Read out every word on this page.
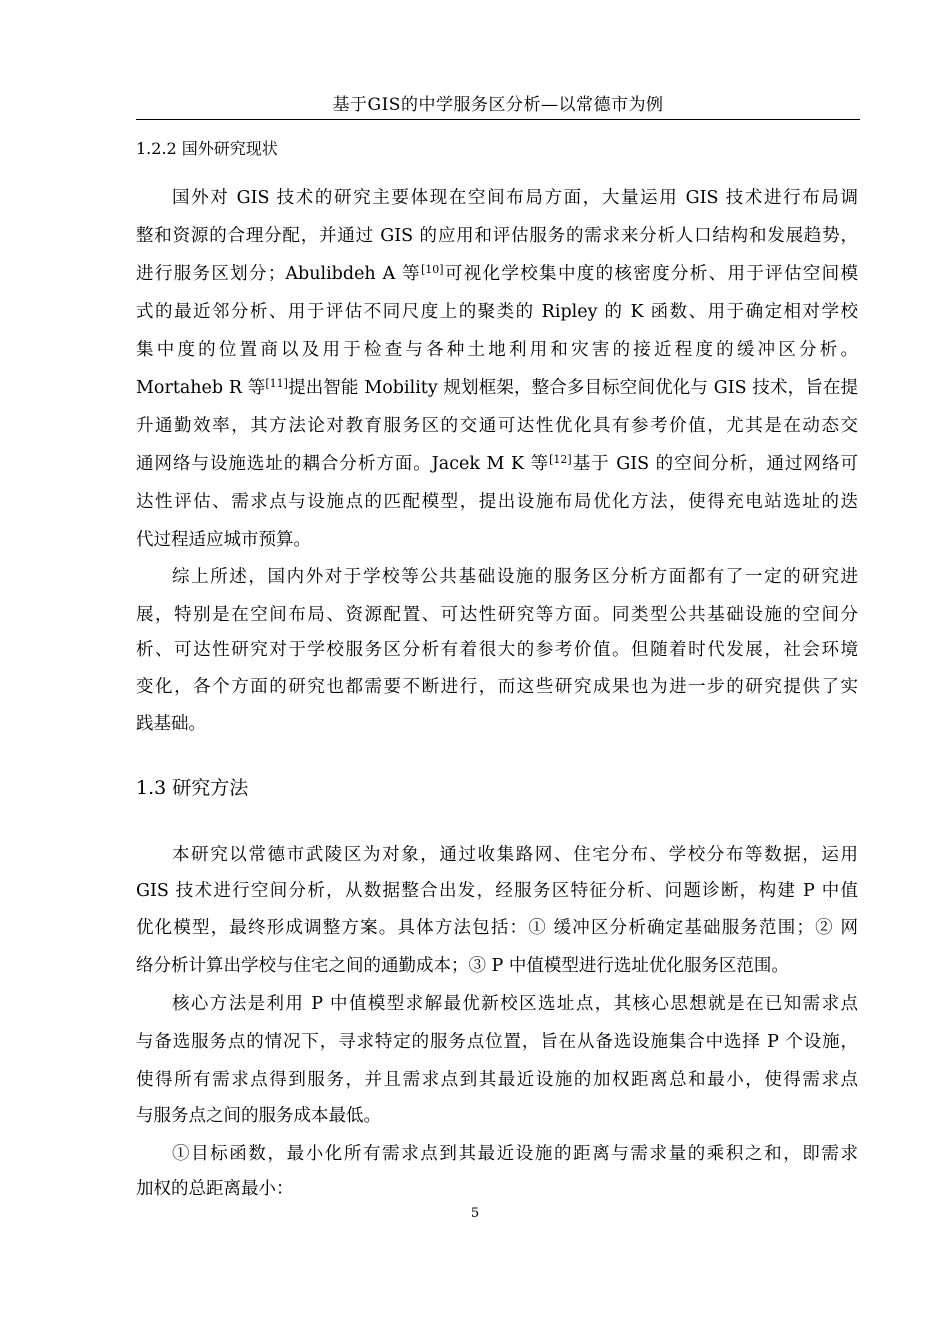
基于GIS的中学服务区分析—以常德市为例
1.2.2 国外研究现状
国外对 GIS 技术的研究主要体现在空间布局方面，大量运用 GIS 技术进行布局调
整和资源的合理分配，并通过 GIS 的应用和评估服务的需求来分析人口结构和发展趋势，
进行服务区划分；Abulibdeh A 等[10]可视化学校集中度的核密度分析、用于评估空间模
式的最近邻分析、用于评估不同尺度上的聚类的 Ripley 的 K 函数、用于确定相对学校
集中度的位置商以及用于检查与各种土地利用和灾害的接近程度的缓冲区分析。
Mortaheb R 等[11]提出智能 Mobility 规划框架，整合多目标空间优化与 GIS 技术，旨在提
升通勤效率，其方法论对教育服务区的交通可达性优化具有参考价值，尤其是在动态交
通网络与设施选址的耦合分析方面。Jacek M K 等[12]基于 GIS 的空间分析，通过网络可
达性评估、需求点与设施点的匹配模型，提出设施布局优化方法，使得充电站选址的迭
代过程适应城市预算。
综上所述，国内外对于学校等公共基础设施的服务区分析方面都有了一定的研究进
展，特别是在空间布局、资源配置、可达性研究等方面。同类型公共基础设施的空间分
析、可达性研究对于学校服务区分析有着很大的参考价值。但随着时代发展，社会环境
变化，各个方面的研究也都需要不断进行，而这些研究成果也为进一步的研究提供了实
践基础。
1.3 研究方法
本研究以常德市武陵区为对象，通过收集路网、住宅分布、学校分布等数据，运用
GIS 技术进行空间分析，从数据整合出发，经服务区特征分析、问题诊断，构建 P 中值
优化模型，最终形成调整方案。具体方法包括：① 缓冲区分析确定基础服务范围；② 网
络分析计算出学校与住宅之间的通勤成本；③ P 中值模型进行选址优化服务区范围。
核心方法是利用 P 中值模型求解最优新校区选址点，其核心思想就是在已知需求点
与备选服务点的情况下，寻求特定的服务点位置，旨在从备选设施集合中选择 P 个设施，
使得所有需求点得到服务，并且需求点到其最近设施的加权距离总和最小，使得需求点
与服务点之间的服务成本最低。
①目标函数，最小化所有需求点到其最近设施的距离与需求量的乘积之和，即需求
加权的总距离最小：
5
